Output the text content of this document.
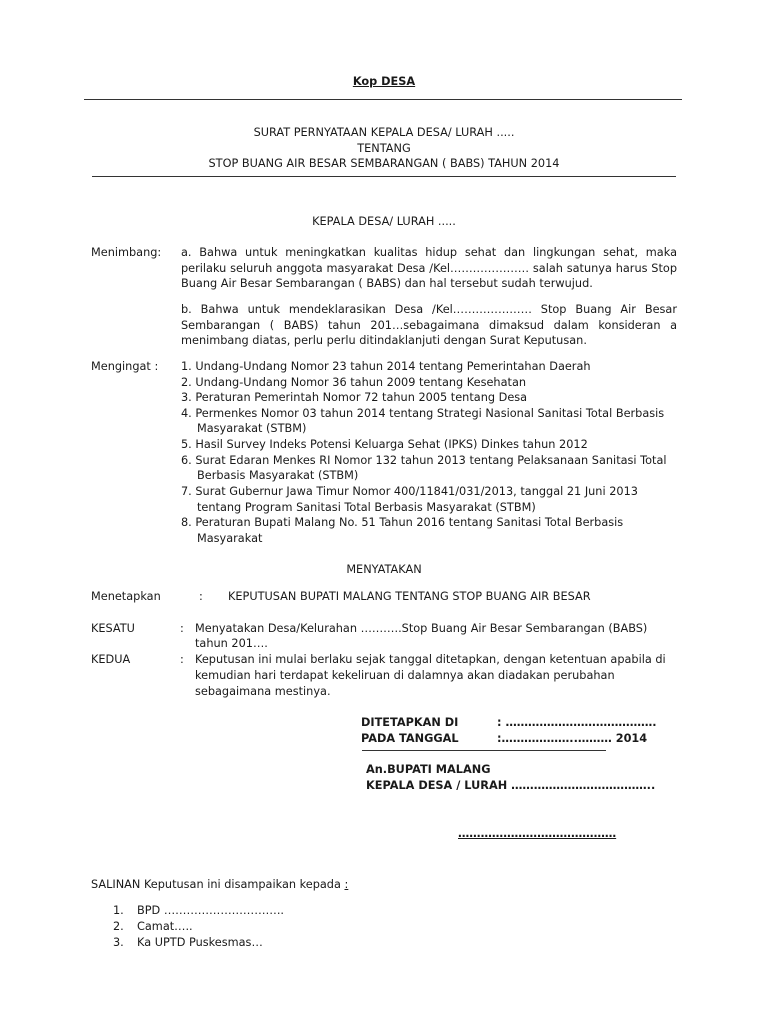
Kop DESA
SURAT PERNYATAAN KEPALA DESA/ LURAH .....
TENTANG
STOP BUANG AIR BESAR SEMBARANGAN ( BABS) TAHUN 2014
KEPALA DESA/ LURAH .....
Menimbang: a. Bahwa untuk meningkatkan kualitas hidup sehat dan lingkungan sehat, maka perilaku seluruh anggota masyarakat Desa /Kel………………… salah satunya harus Stop Buang Air Besar Sembarangan ( BABS) dan hal tersebut sudah terwujud.
b. Bahwa untuk mendeklarasikan Desa /Kel………………… Stop Buang Air Besar Sembarangan ( BABS) tahun 201…sebagaimana dimaksud dalam konsideran a menimbang diatas, perlu perlu ditindaklanjuti dengan Surat Keputusan.
Mengingat : 1. Undang-Undang Nomor 23 tahun 2014 tentang Pemerintahan Daerah
2. Undang-Undang Nomor 36 tahun 2009 tentang Kesehatan
3. Peraturan Pemerintah Nomor 72 tahun 2005 tentang Desa
4. Permenkes Nomor 03 tahun 2014 tentang Strategi Nasional Sanitasi Total Berbasis
Masyarakat (STBM)
5. Hasil Survey Indeks Potensi Keluarga Sehat (IPKS) Dinkes tahun 2012
6. Surat Edaran Menkes RI Nomor 132 tahun 2013 tentang Pelaksanaan Sanitasi Total
Berbasis Masyarakat (STBM)
7. Surat Gubernur Jawa Timur Nomor 400/11841/031/2013, tanggal 21 Juni 2013
tentang Program Sanitasi Total Berbasis Masyarakat (STBM)
8. Peraturan Bupati Malang No. 51 Tahun 2016 tentang Sanitasi Total Berbasis
Masyarakat
MENYATAKAN
Menetapkan	: KEPUTUSAN BUPATI MALANG TENTANG STOP BUANG AIR BESAR
KESATU	: Menyatakan Desa/Kelurahan ………..Stop Buang Air Besar Sembarangan (BABS)
tahun 201….
KEDUA	: Keputusan ini mulai berlaku sejak tanggal ditetapkan, dengan ketentuan apabila di
kemudian hari terdapat kekeliruan di dalamnya akan diadakan perubahan
sebagaimana mestinya.
DITETAPKAN DI	: ………………………………….
PADA TANGGAL	:………………..……… 2014
An.BUPATI MALANG
KEPALA DESA / LURAH ………………………………..
……………………………………
SALINAN Keputusan ini disampaikan kepada :
1. BPD …………………………..
2. Camat…..
3. Ka UPTD Puskesmas…
